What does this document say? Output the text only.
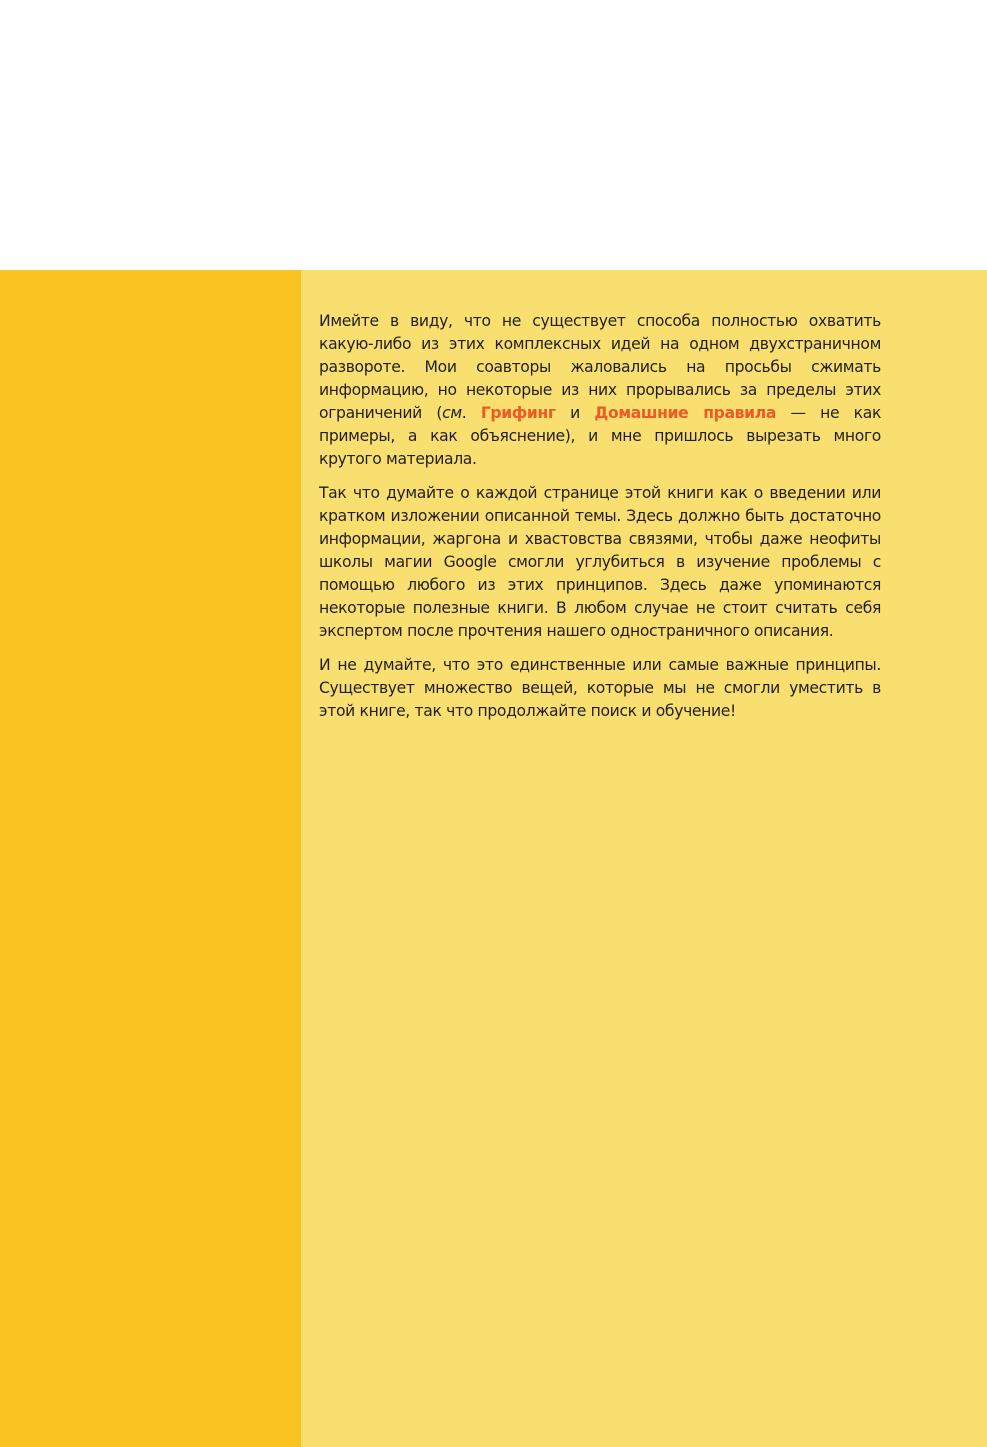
Имейте в виду, что не существует способа полностью охватить какую-либо из этих комплексных идей на одном двухстраничном развороте. Мои соавторы жаловались на просьбы сжимать информацию, но некоторые из них прорывались за пределы этих ограничений (см. Грифинг и Домашние правила — не как примеры, а как объяснение), и мне пришлось вырезать много крутого материала.

Так что думайте о каждой странице этой книги как о введении или кратком изложении описанной темы. Здесь должно быть достаточно информации, жаргона и хвастовства связями, чтобы даже неофиты школы магии Google смогли углубиться в изучение проблемы с помощью любого из этих принципов. Здесь даже упоминаются некоторые полезные книги. В любом случае не стоит считать себя экспертом после прочтения нашего одностраничного описания.

И не думайте, что это единственные или самые важные принципы. Существует множество вещей, которые мы не смогли уместить в этой книге, так что продолжайте поиск и обучение!
